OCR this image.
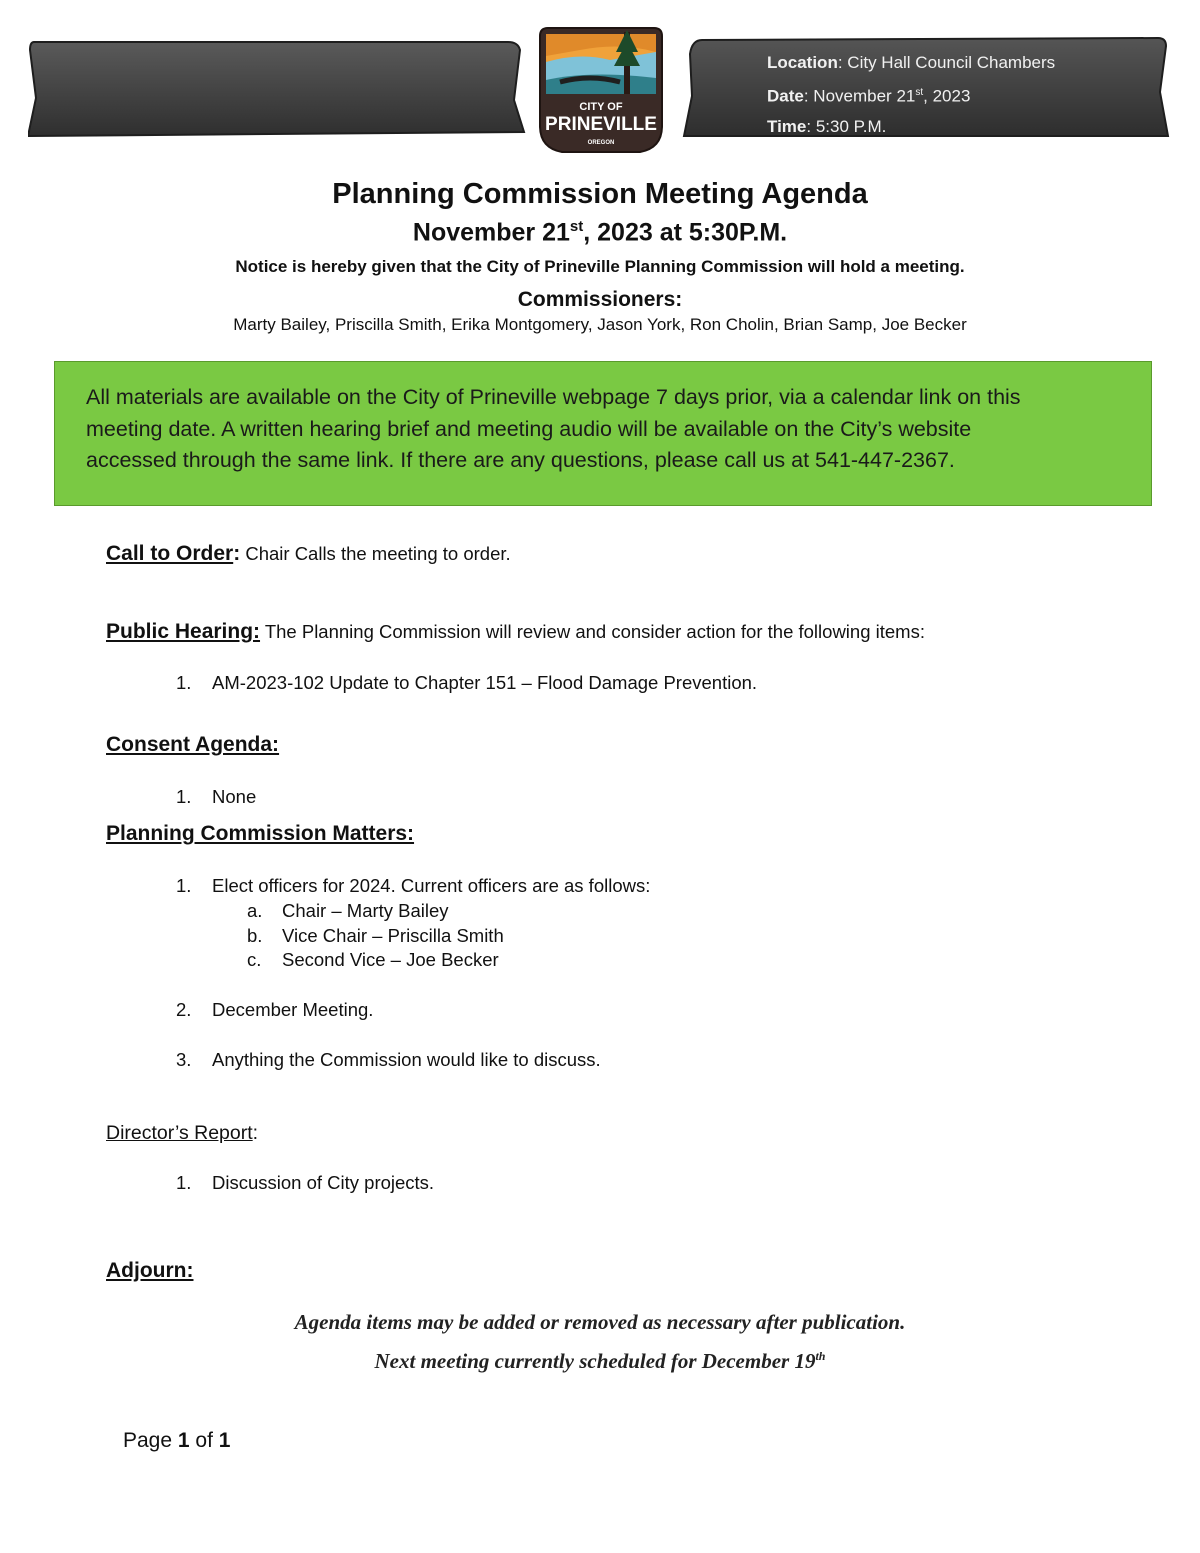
Location: City Hall Council Chambers
Date: November 21st, 2023
Time: 5:30 P.M.
CITY OF
PRINEVILLE
OREGON
Planning Commission Meeting Agenda
November 21st, 2023 at 5:30P.M.
Notice is hereby given that the City of Prineville Planning Commission will hold a meeting.
Commissioners:
Marty Bailey, Priscilla Smith, Erika Montgomery, Jason York, Ron Cholin, Brian Samp, Joe Becker
All materials are available on the City of Prineville webpage 7 days prior, via a calendar link on this
meeting date. A written hearing brief and meeting audio will be available on the City’s website
accessed through the same link. If there are any questions, please call us at 541-447-2367.
Call to Order: Chair Calls the meeting to order.
Public Hearing: The Planning Commission will review and consider action for the following items:
1. AM-2023-102 Update to Chapter 151 – Flood Damage Prevention.
Consent Agenda:
1. None
Planning Commission Matters:
1. Elect officers for 2024. Current officers are as follows:
a. Chair – Marty Bailey
b. Vice Chair – Priscilla Smith
c. Second Vice – Joe Becker
2. December Meeting.
3. Anything the Commission would like to discuss.
Director’s Report:
1. Discussion of City projects.
Adjourn:
Agenda items may be added or removed as necessary after publication.
Next meeting currently scheduled for December 19th
Page 1 of 1
